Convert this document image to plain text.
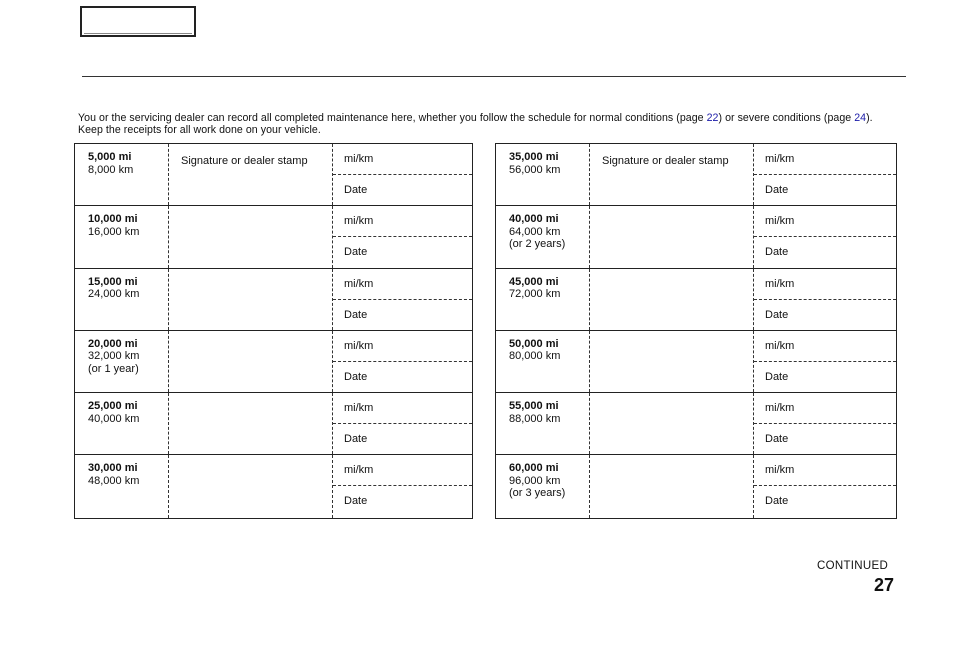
You or the servicing dealer can record all completed maintenance here, whether you follow the schedule for normal conditions (page 22) or severe conditions (page 24). Keep the receipts for all work done on your vehicle.
5,000 mi
8,000 km
Signature or dealer stamp	mi/km
Date
10,000 mi
16,000 km
mi/km
Date
15,000 mi
24,000 km
mi/km
Date
20,000 mi
32,000 km
(or 1 year)
mi/km
Date
25,000 mi
40,000 km
mi/km
Date
30,000 mi
48,000 km
mi/km
Date
35,000 mi
56,000 km
Signature or dealer stamp	mi/km
Date
40,000 mi
64,000 km
(or 2 years)
mi/km
Date
45,000 mi
72,000 km
mi/km
Date
50,000 mi
80,000 km
mi/km
Date
55,000 mi
88,000 km
mi/km
Date
60,000 mi
96,000 km
(or 3 years)
mi/km
Date
CONTINUED
27
